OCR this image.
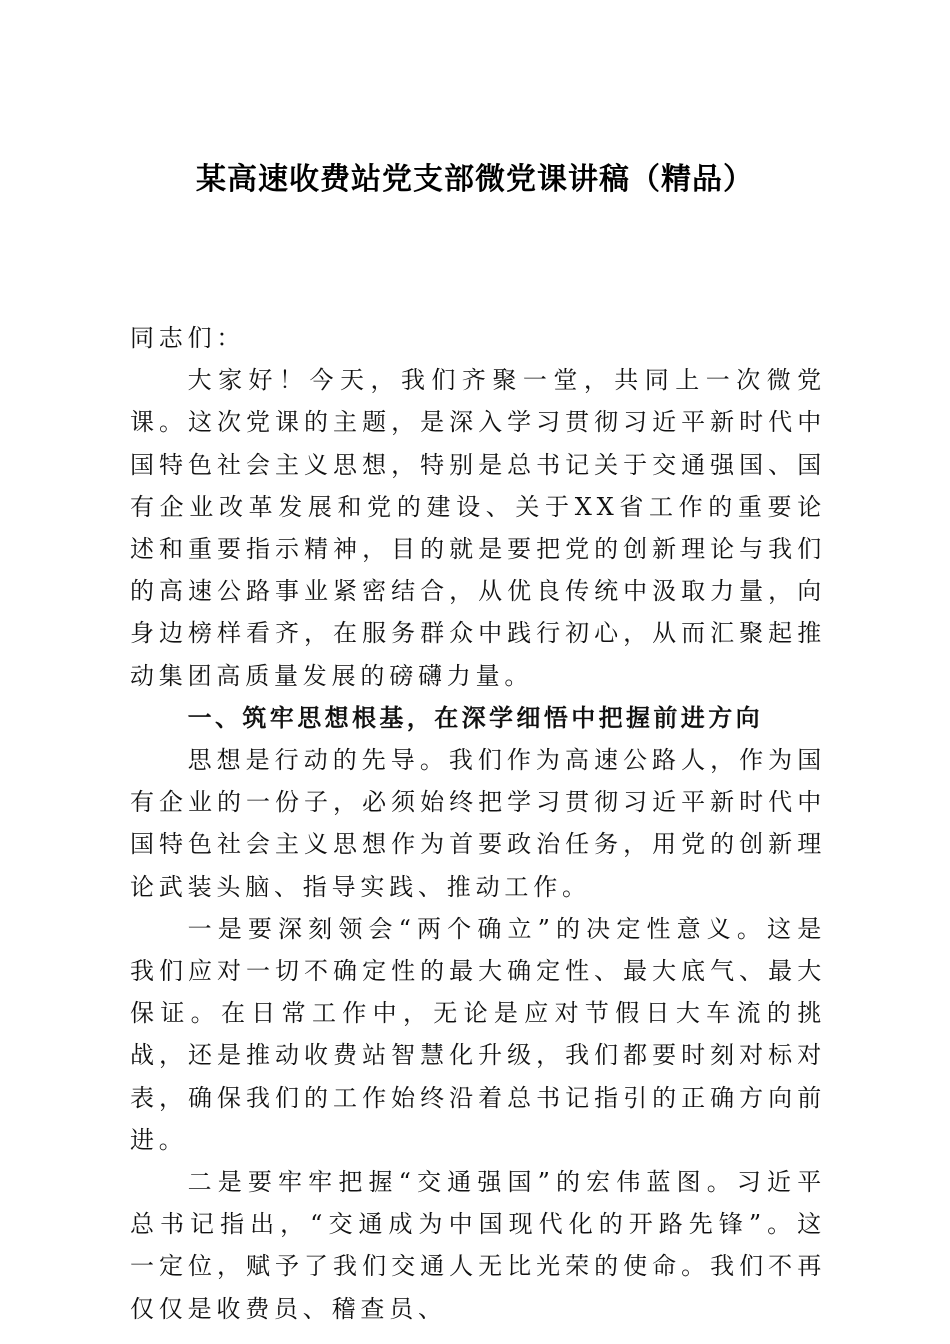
某高速收费站党支部微党课讲稿（精品）

同志们：

大家好！今天，我们齐聚一堂，共同上一次微党课。这次党课的主题，是深入学习贯彻习近平新时代中国特色社会主义思想，特别是总书记关于交通强国、国有企业改革发展和党的建设、关于XX省工作的重要论述和重要指示精神，目的就是要把党的创新理论与我们的高速公路事业紧密结合，从优良传统中汲取力量，向身边榜样看齐，在服务群众中践行初心，从而汇聚起推动集团高质量发展的磅礴力量。

一、筑牢思想根基，在深学细悟中把握前进方向

思想是行动的先导。我们作为高速公路人，作为国有企业的一份子，必须始终把学习贯彻习近平新时代中国特色社会主义思想作为首要政治任务，用党的创新理论武装头脑、指导实践、推动工作。

一是要深刻领会“两个确立”的决定性意义。这是我们应对一切不确定性的最大确定性、最大底气、最大保证。在日常工作中，无论是应对节假日大车流的挑战，还是推动收费站智慧化升级，我们都要时刻对标对表，确保我们的工作始终沿着总书记指引的正确方向前进。

二是要牢牢把握“交通强国”的宏伟蓝图。习近平总书记指出，“交通成为中国现代化的开路先锋”。这一定位，赋予了我们交通人无比光荣的使命。我们不再仅仅是收费员、稽查员、
